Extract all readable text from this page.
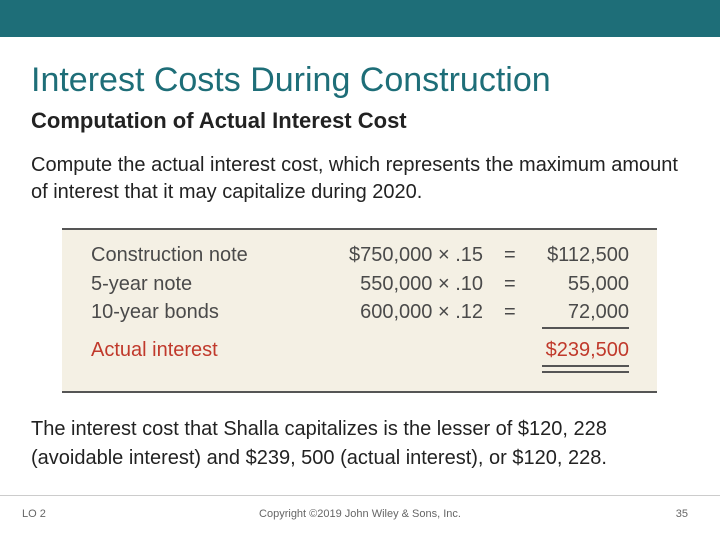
Interest Costs During Construction
Computation of Actual Interest Cost

Compute the actual interest cost, which represents the maximum amount of interest that it may capitalize during 2020.

Construction note	$750,000 × .15 = $112,500
5-year note	550,000 × .10 =	55,000
10-year bonds	600,000 × .12 =	72,000
Actual interest	$239,500

The interest cost that Shalla capitalizes is the lesser of $120, 228 (avoidable interest) and $239, 500 (actual interest), or $120, 228.

LO 2	Copyright ©2019 John Wiley & Sons, Inc.	35
